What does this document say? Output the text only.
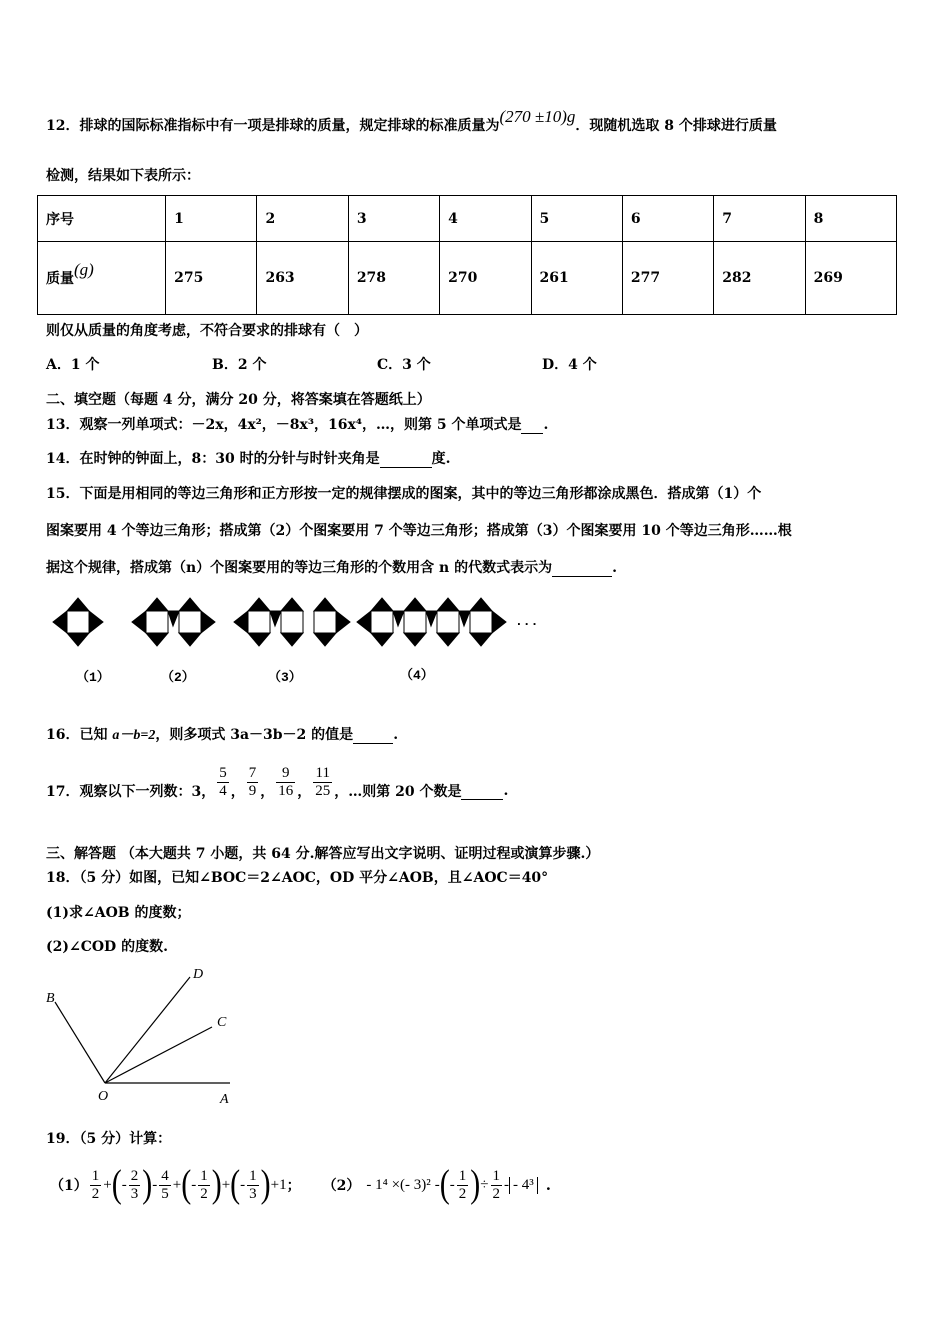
12．排球的国际标准指标中有一项是排球的质量，规定排球的标准质量为(270 ±10)g．现随机选取 8 个排球进行质量
检测，结果如下表所示：
序号	1	2	3	4	5	6	7	8
质量(g)	275	263	278	270	261	277	282	269
则仅从质量的角度考虑，不符合要求的排球有（　）
A．1 个	B．2 个	C．3 个	D．4 个
二、填空题（每题 4 分，满分 20 分，将答案填在答题纸上）
13．观察一列单项式：－2x，4x²，－8x³，16x⁴，…，则第 5 个单项式是 .
14．在时钟的钟面上，8：30 时的分针与时针夹角是	度.
15．下面是用相同的等边三角形和正方形按一定的规律摆成的图案，其中的等边三角形都涂成黑色．搭成第（1）个
图案要用 4 个等边三角形；搭成第（2）个图案要用 7 个等边三角形；搭成第（3）个图案要用 10 个等边三角形……根
据这个规律，搭成第（n）个图案要用的等边三角形的个数用含 n 的代数式表示为	.
（1）	（2）	（3）	（4）
...
16．已知 a－b=2，则多项式 3a－3b－2 的值是	.
17．观察以下一列数：3， $\frac{5}{4}$ ， $\frac{7}{9}$ ， $\frac{9}{16}$ ， $\frac{11}{25}$ ，…则第 20 个数是
	.
三、解答题 （本大题共 7 小题，共 64 分.解答应写出文字说明、证明过程或演算步骤.）
18．（5 分）如图，已知∠BOC＝2∠AOC，OD 平分∠AOB，且∠AOC＝40°
(1)求∠AOB 的度数；
(2)∠COD 的度数.
B
D
C
O	A
19．（5 分）计算：
$(1) \frac{1}{2}$ + ( - $\frac{2}{3}$ ) - $\frac{4}{5}$ + ( - $\frac{1}{2}$ ) + ( - $\frac{1}{3}$ ) +1 ； （2） - 1⁴ ×(- 3)² - ( - $\frac{1}{2}$ ) ÷ $\frac{1}{2}$ - - 4³ .
